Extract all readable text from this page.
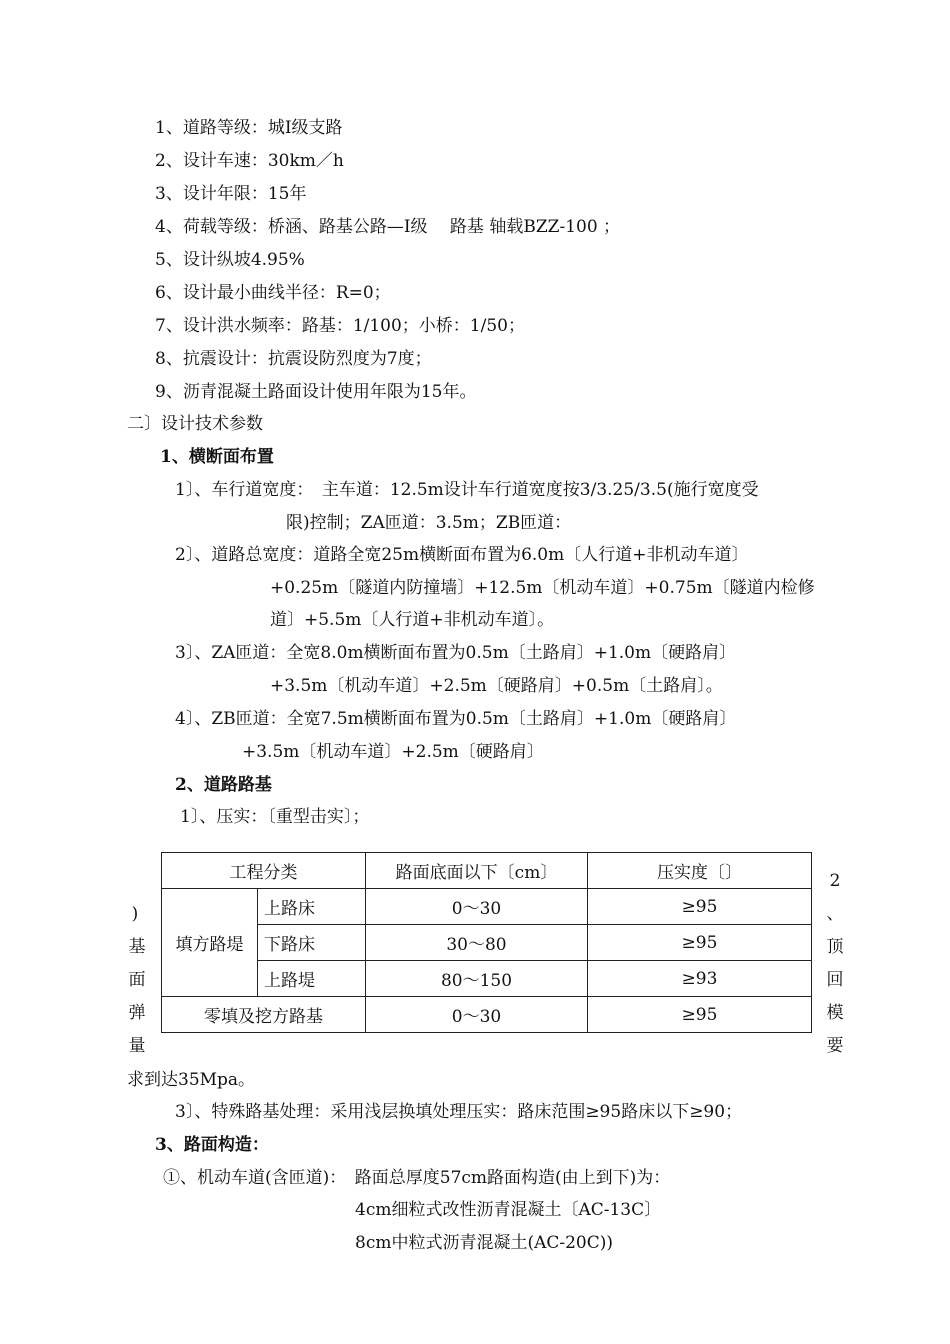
1、道路等级：城Ⅰ级支路
2、设计车速：30km／h
3、设计年限：15年
4、荷载等级：桥涵、路基公路—Ⅰ级　 路基 轴载BZZ-100 ；
5、设计纵坡4.95%
6、设计最小曲线半径：R=0；
7、设计洪水频率：路基：1/100；小桥：1/50；
8、抗震设计：抗震设防烈度为7度；
9、沥青混凝土路面设计使用年限为15年。
二〕设计技术参数
1、横断面布置
1〕、车行道宽度：　主车道：12.5m设计车行道宽度按3/3.25/3.5(施行宽度受
限)控制；ZA匝道：3.5m；ZB匝道：
2〕、道路总宽度：道路全宽25m横断面布置为6.0m〔人行道+非机动车道〕
+0.25m〔隧道内防撞墙〕+12.5m〔机动车道〕+0.75m〔隧道内检修
道〕+5.5m〔人行道+非机动车道〕。
3〕、ZA匝道：全宽8.0m横断面布置为0.5m〔土路肩〕+1.0m〔硬路肩〕
+3.5m〔机动车道〕+2.5m〔硬路肩〕+0.5m〔土路肩〕。
4〕、ZB匝道：全宽7.5m横断面布置为0.5m〔土路肩〕+1.0m〔硬路肩〕
+3.5m〔机动车道〕+2.5m〔硬路肩〕
2、道路路基
1〕、压实：〔重型击实〕；
工程分类		路面底面以下〔cm〕	压实度〔〕
填方路堤	上路床	0～30	≥95
	下路床	30～80	≥95
	上路堤	80～150	≥93
零填及挖方路基		0～30	≥95
)
基
面
弹
量
2
、
顶
回
模
要
求到达35Mpa。
3〕、特殊路基处理：采用浅层换填处理压实：路床范围≥95路床以下≥90；
3、路面构造：
①、机动车道(含匝道)：　路面总厚度57cm路面构造(由上到下)为：
4cm细粒式改性沥青混凝土〔AC-13C〕
8cm中粒式沥青混凝土(AC-20C))
